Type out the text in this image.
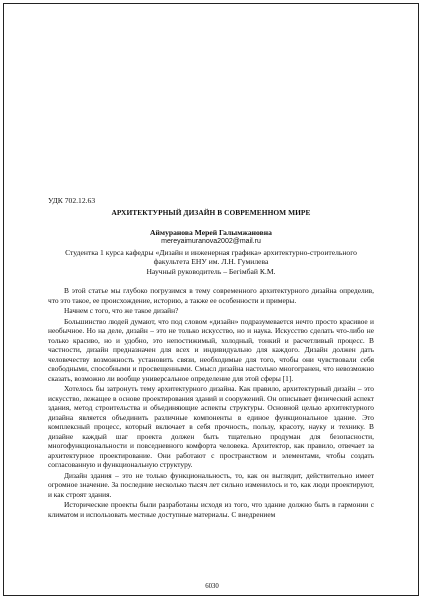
УДК 702.12.63
АРХИТЕКТУРНЫЙ ДИЗАЙН В СОВРЕМЕННОМ МИРЕ
Аймуранова Мерей Галымжановна
mereyaimuranova2002@mail.ru
Студентка 1 курса кафедры «Дизайн и инженерная графика» архитектурно-строительного
факультета ЕНУ им. Л.Н. Гумилева
Научный руководитель – Бегімбай К.М.

В этой статье мы глубоко погрузимся в тему современного архитектурного дизайна определив, что это такое, ее происхождение, историю, а также ее особенности и примеры.

Начнем с того, что же такое дизайн?

Большинство людей думают, что под словом «дизайн» подразумевается нечто просто красивое и необычное. Но на деле, дизайн – это не только искусство, но и наука. Искусство сделать что-либо не только красиво, но и удобно, это непостижимый, холодный, тонкий и расчетливый процесс. В частности, дизайн предназначен для всех и индивидуально для каждого. Дизайн должен дать человечеству возможность установить связи, необходимые для того, чтобы они чувствовали себя свободными, способными и просвещенными. Смысл дизайна настолько многогранен, что невозможно сказать, возможно ли вообще универсальное определение для этой сферы [1].

Хотелось бы затронуть тему архитектурного дизайна. Как правило, архитектурный дизайн – это искусство, лежащее в основе проектирования зданий и сооружений. Он описывает физический аспект здания, метод строительства и объединяющие аспекты структуры. Основной целью архитектурного дизайна является объединить различные компоненты в единое функциональное здание. Это комплексный процесс, который включает в себя прочность, пользу, красоту, науку и технику. В дизайне каждый шаг проекта должен быть тщательно продуман для безопасности, многофункциональности и повседневного комфорта человека. Архитектор, как правило, отвечает за архитектурное проектирование. Они работают с пространством и элементами, чтобы создать согласованную и функциональную структуру.

Дизайн здания – это не только функциональность, то, как он выглядит, действительно имеет огромное значение. За последние несколько тысяч лет сильно изменилось и то, как люди проектируют, и как строят здания.

Исторические проекты были разработаны исходя из того, что здание должно быть в гармонии с климатом и использовать местные доступные материалы. С внедрением

6030
